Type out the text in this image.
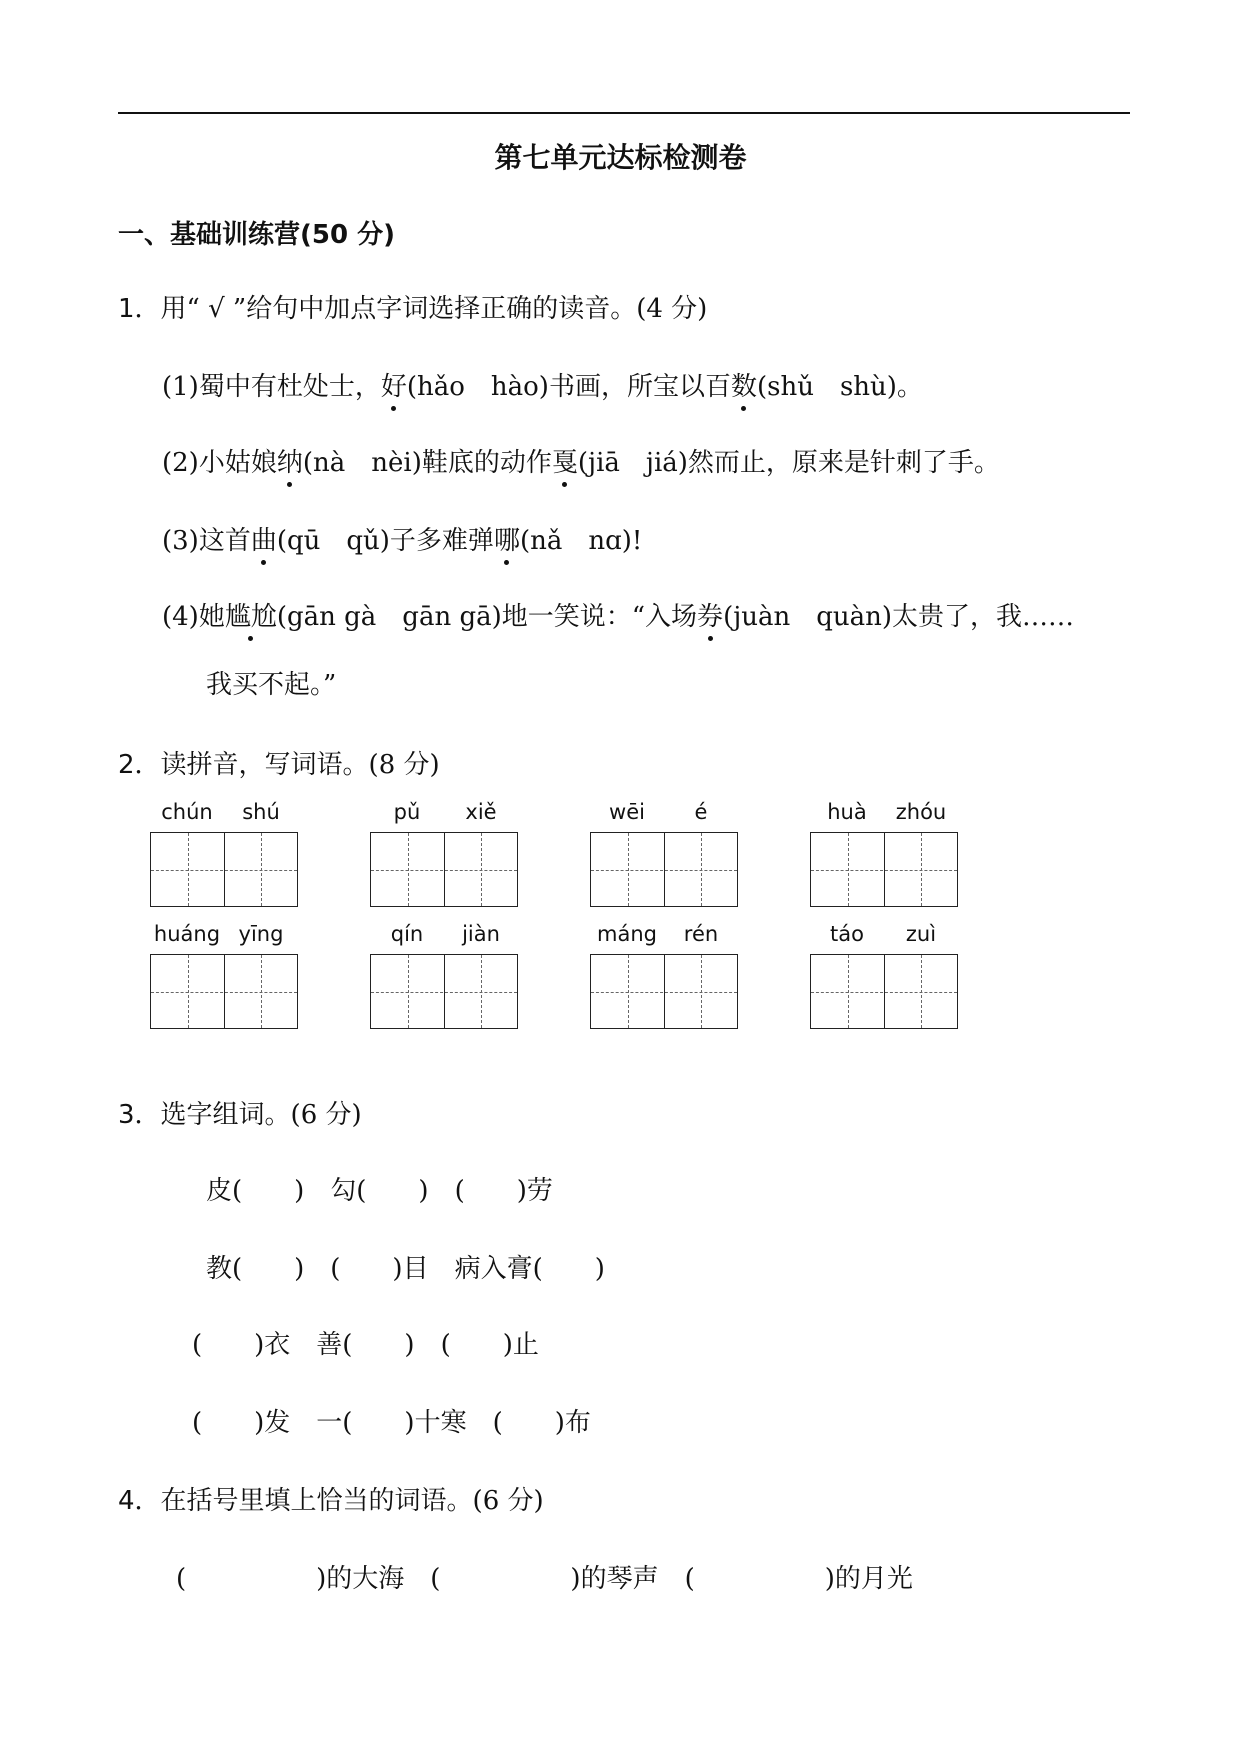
第七单元达标检测卷
一、基础训练营(50 分)
1．用“ √ ”给句中加点字词选择正确的读音。(4 分)
(1)蜀中有杜处士，好(hǎo　hào)书画，所宝以百数(shǔ　shù)。
(2)小姑娘纳(nà　nèi)鞋底的动作戛(jiā　jiá)然而止，原来是针刺了手。
(3)这首曲(qū　qǔ)子多难弹哪(nǎ　nɑ)!
(4)她尴尬(gān gà　gān gā)地一笑说：“入场券(juàn　quàn)太贵了，我……
我买不起。”
2．读拼音，写词语。(8 分)
chún	shú	pǔ	xiě	wēi	é	huà	zhóu
huáng yīng	qín	jiàn	máng	rén	táo	zuì
3．选字组词。(6 分)
皮(　　)　勾(　　)　(　　)劳
教(　　)　(　　)目　病入膏(　　)
(　　)衣　善(　　)　(　　)止
(　　)发　一(　　)十寒　(　　)布
4．在括号里填上恰当的词语。(6 分)
(　　　　　)的大海　(　　　　　)的琴声　(　　　　　)的月光
